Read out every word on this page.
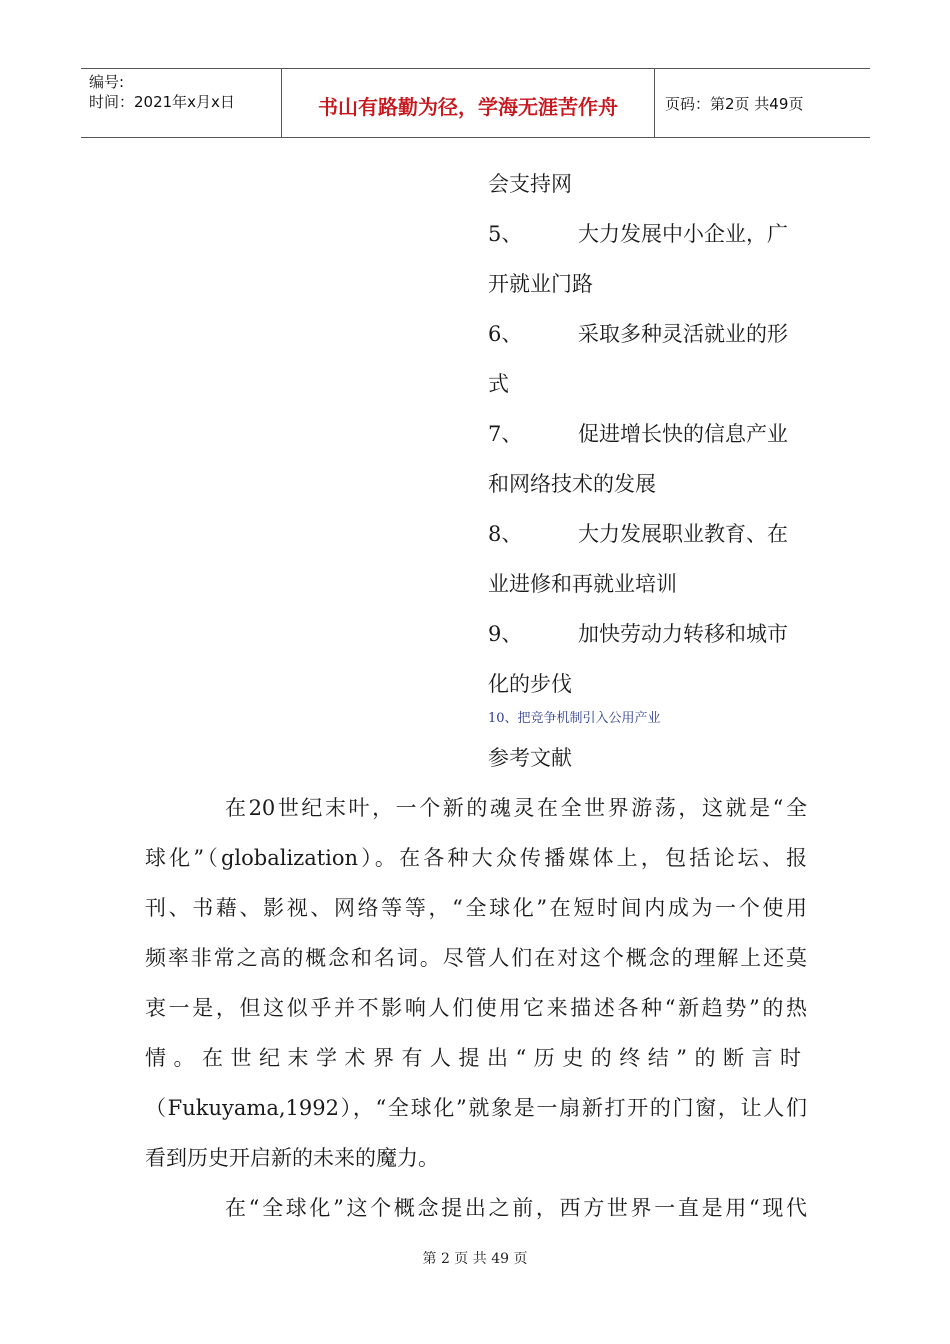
编号:
时间：2021年x月x日	书山有路勤为径，学海无涯苦作舟	页码：第2页 共49页
会支持网
5、	大力发展中小企业，广
开就业门路
6、	采取多种灵活就业的形
式
7、	促进增长快的信息产业
和网络技术的发展
8、	大力发展职业教育、在
业进修和再就业培训
9、	加快劳动力转移和城市
化的步伐
10、把竞争机制引入公用产业
参考文献
在20世纪末叶，一个新的魂灵在全世界游荡，这就是“全
球化”（globalization）。在各种大众传播媒体上，包括论坛、报
刊、书藉、影视、网络等等，“全球化”在短时间内成为一个使用
频率非常之高的概念和名词。尽管人们在对这个概念的理解上还莫
衷一是，但这似乎并不影响人们使用它来描述各种“新趋势”的热
情。在世纪末学术界有人提出“历史的终结”的断言时
（Fukuyama,1992），“全球化”就象是一扇新打开的门窗，让人们
看到历史开启新的未来的魔力。
在“全球化”这个概念提出之前，西方世界一直是用“现代
第 2 页 共 49 页
